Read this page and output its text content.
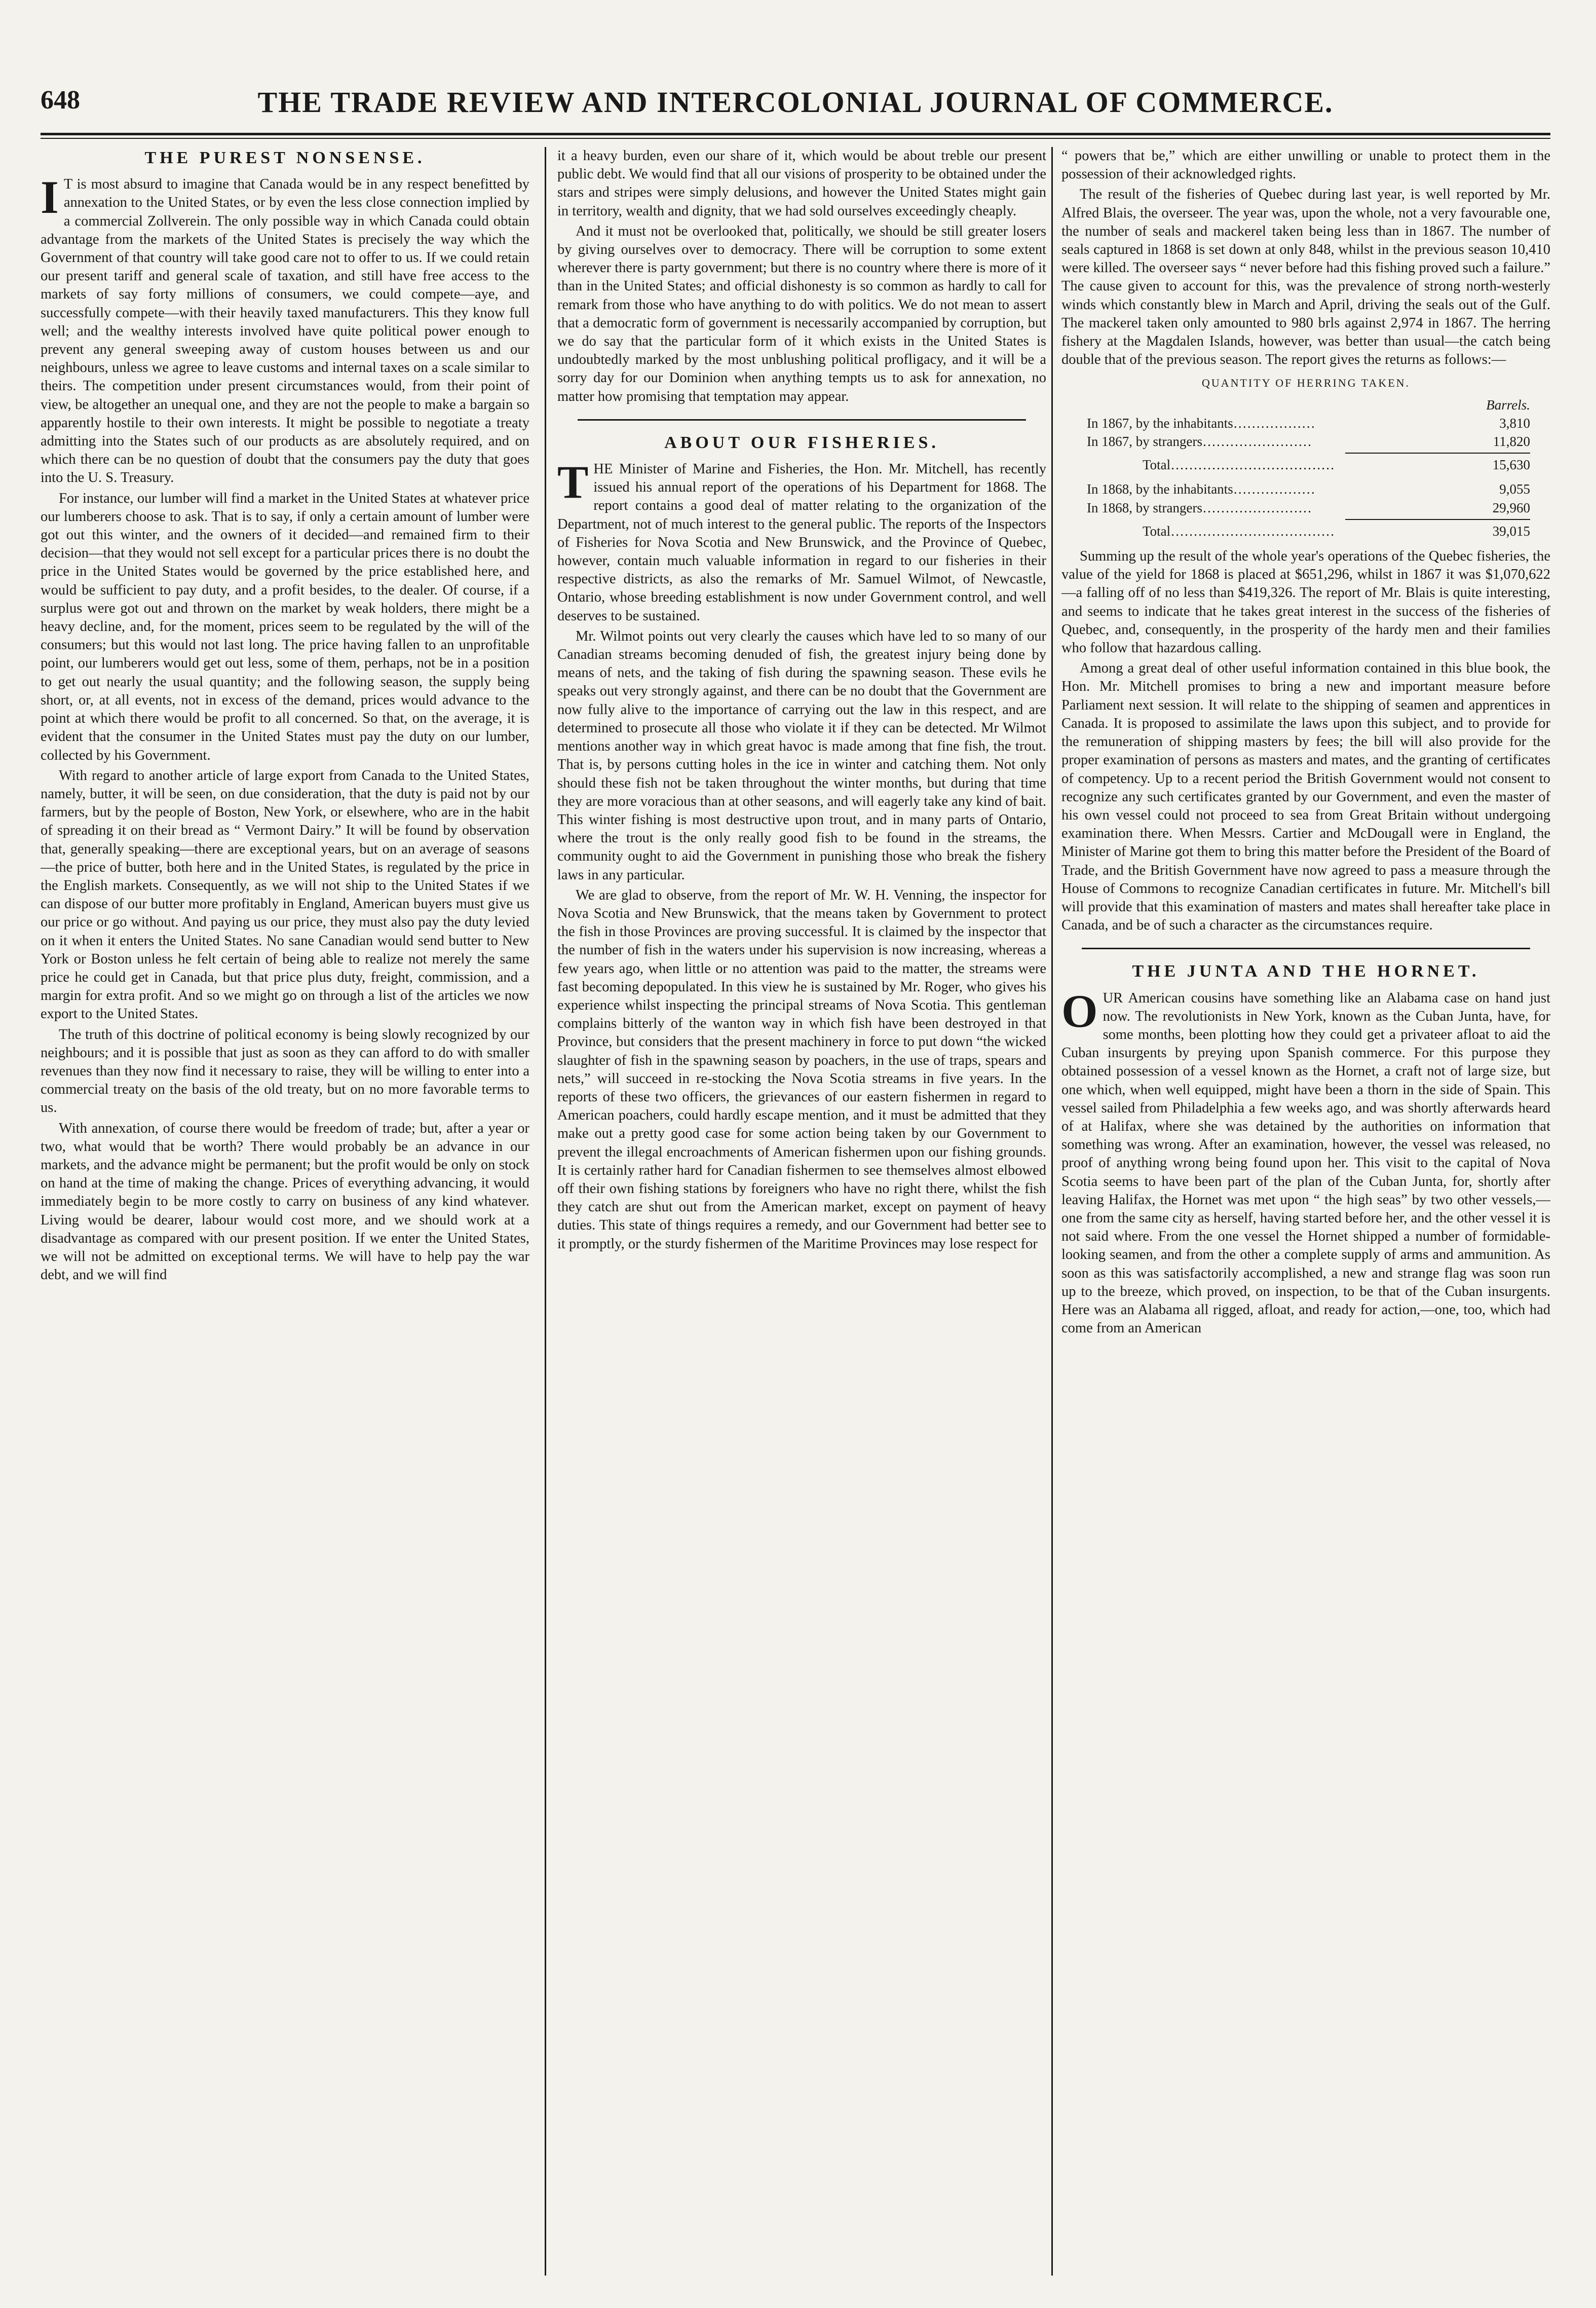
648	THE TRADE REVIEW AND INTERCOLONIAL JOURNAL OF COMMERCE.
THE PUREST NONSENSE.

I T is most absurd to imagine that Canada would be in any respect benefitted by annexation to the United States, or by even the less close connection implied by a commercial Zollverein. The only possible way in which Canada could obtain advantage from the markets of the United States is precisely the way which the Government of that country will take good care not to offer to us. If we could retain our present tariff and general scale of taxation, and still have free access to the markets of say forty millions of consumers, we could compete—aye, and successfully compete—with their heavily taxed manufacturers. This they know full well; and the wealthy interests involved have quite political power enough to prevent any general sweeping away of custom houses between us and our neighbours, unless we agree to leave customs and internal taxes on a scale similar to theirs. The competition under present circumstances would, from their point of view, be altogether an unequal one, and they are not the people to make a bargain so apparently hostile to their own interests. It might be possible to negotiate a treaty admitting into the States such of our products as are absolutely required, and on which there can be no question of doubt that the consumers pay the duty that goes into the U. S. Treasury.

For instance, our lumber will find a market in the United States at whatever price our lumberers choose to ask. That is to say, if only a certain amount of lumber were got out this winter, and the owners of it decided—and remained firm to their decision—that they would not sell except for a particular prices there is no doubt the price in the United States would be governed by the price established here, and would be sufficient to pay duty, and a profit besides, to the dealer. Of course, if a surplus were got out and thrown on the market by weak holders, there might be a heavy decline, and, for the moment, prices seem to be regulated by the will of the consumers; but this would not last long. The price having fallen to an unprofitable point, our lumberers would get out less, some of them, perhaps, not be in a position to get out nearly the usual quantity; and the following season, the supply being short, or, at all events, not in excess of the demand, prices would advance to the point at which there would be profit to all concerned. So that, on the average, it is evident that the consumer in the United States must pay the duty on our lumber, collected by his Government.

With regard to another article of large export from Canada to the United States, namely, butter, it will be seen, on due consideration, that the duty is paid not by our farmers, but by the people of Boston, New York, or elsewhere, who are in the habit of spreading it on their bread as “ Vermont Dairy.” It will be found by observation that, generally speaking—there are exceptional years, but on an average of seasons—the price of butter, both here and in the United States, is regulated by the price in the English markets. Consequently, as we will not ship to the United States if we can dispose of our butter more profitably in England, American buyers must give us our price or go without. And paying us our price, they must also pay the duty levied on it when it enters the United States. No sane Canadian would send butter to New York or Boston unless he felt certain of being able to realize not merely the same price he could get in Canada, but that price plus duty, freight, commission, and a margin for extra profit. And so we might go on through a list of the articles we now export to the United States.

The truth of this doctrine of political economy is being slowly recognized by our neighbours; and it is possible that just as soon as they can afford to do with smaller revenues than they now find it necessary to raise, they will be willing to enter into a commercial treaty on the basis of the old treaty, but on no more favorable terms to us.

With annexation, of course there would be freedom of trade; but, after a year or two, what would that be worth? There would probably be an advance in our markets, and the advance might be permanent; but the profit would be only on stock on hand at the time of making the change. Prices of everything advancing, it would immediately begin to be more costly to carry on business of any kind whatever. Living would be dearer, labour would cost more, and we should work at a disadvantage as compared with our present position. If we enter the United States, we will not be admitted on exceptional terms. We will have to help pay the war debt, and we will find

it a heavy burden, even our share of it, which would be about treble our present public debt. We would find that all our visions of prosperity to be obtained under the stars and stripes were simply delusions, and however the United States might gain in territory, wealth and dignity, that we had sold ourselves exceedingly cheaply.

And it must not be overlooked that, politically, we should be still greater losers by giving ourselves over to democracy. There will be corruption to some extent wherever there is party government; but there is no country where there is more of it than in the United States; and official dishonesty is so common as hardly to call for remark from those who have anything to do with politics. We do not mean to assert that a democratic form of government is necessarily accompanied by corruption, but we do say that the particular form of it which exists in the United States is undoubtedly marked by the most unblushing political profligacy, and it will be a sorry day for our Dominion when anything tempts us to ask for annexation, no matter how promising that temptation may appear.

ABOUT OUR FISHERIES.

THE Minister of Marine and Fisheries, the Hon. Mr. Mitchell, has recently issued his annual report of the operations of his Department for 1868. The report contains a good deal of matter relating to the organization of the Department, not of much interest to the general public. The reports of the Inspectors of Fisheries for Nova Scotia and New Brunswick, and the Province of Quebec, however, contain much valuable information in regard to our fisheries in their respective districts, as also the remarks of Mr. Samuel Wilmot, of Newcastle, Ontario, whose breeding establishment is now under Government control, and well deserves to be sustained.

Mr. Wilmot points out very clearly the causes which have led to so many of our Canadian streams becoming denuded of fish, the greatest injury being done by means of nets, and the taking of fish during the spawning season. These evils he speaks out very strongly against, and there can be no doubt that the Government are now fully alive to the importance of carrying out the law in this respect, and are determined to prosecute all those who violate it if they can be detected. Mr Wilmot mentions another way in which great havoc is made among that fine fish, the trout. That is, by persons cutting holes in the ice in winter and catching them. Not only should these fish not be taken throughout the winter months, but during that time they are more voracious than at other seasons, and will eagerly take any kind of bait. This winter fishing is most destructive upon trout, and in many parts of Ontario, where the trout is the only really good fish to be found in the streams, the community ought to aid the Government in punishing those who break the fishery laws in any particular.

We are glad to observe, from the report of Mr. W. H. Venning, the inspector for Nova Scotia and New Brunswick, that the means taken by Government to protect the fish in those Provinces are proving successful. It is claimed by the inspector that the number of fish in the waters under his supervision is now increasing, whereas a few years ago, when little or no attention was paid to the matter, the streams were fast becoming depopulated. In this view he is sustained by Mr. Roger, who gives his experience whilst inspecting the principal streams of Nova Scotia. This gentleman complains bitterly of the wanton way in which fish have been destroyed in that Province, but considers that the present machinery in force to put down “the wicked slaughter of fish in the spawning season by poachers, in the use of traps, spears and nets,” will succeed in re-stocking the Nova Scotia streams in five years. In the reports of these two officers, the grievances of our eastern fishermen in regard to American poachers, could hardly escape mention, and it must be admitted that they make out a pretty good case for some action being taken by our Government to prevent the illegal encroachments of American fishermen upon our fishing grounds. It is certainly rather hard for Canadian fishermen to see themselves almost elbowed off their own fishing stations by foreigners who have no right there, whilst the fish they catch are shut out from the American market, except on payment of heavy duties. This state of things requires a remedy, and our Government had better see to it promptly, or the sturdy fishermen of the Maritime Provinces may lose respect for

“ powers that be,” which are either unwilling or unable to protect them in the possession of their acknowledged rights.

The result of the fisheries of Quebec during last year, is well reported by Mr. Alfred Blais, the overseer. The year was, upon the whole, not a very favourable one, the number of seals and mackerel taken being less than in 1867. The number of seals captured in 1868 is set down at only 848, whilst in the previous season 10,410 were killed. The overseer says “ never before had this fishing proved such a failure.” The cause given to account for this, was the prevalence of strong north-westerly winds which constantly blew in March and April, driving the seals out of the Gulf. The mackerel taken only amounted to 980 brls against 2,974 in 1867. The herring fishery at the Magdalen Islands, however, was better than usual—the catch being double that of the previous season. The report gives the returns as follows:—

QUANTITY OF HERRING TAKEN.
Barrels.
In 1867, by the inhabitants………………	3,810
In 1867, by strangers……………………	11,820
Total………………………………	15,630
In 1868, by the inhabitants………………	9,055
In 1868, by strangers……………………	29,960
Total………………………………	39,015

Summing up the result of the whole year's operations of the Quebec fisheries, the value of the yield for 1868 is placed at $651,296, whilst in 1867 it was $1,070,622—a falling off of no less than $419,326. The report of Mr. Blais is quite interesting, and seems to indicate that he takes great interest in the success of the fisheries of Quebec, and, consequently, in the prosperity of the hardy men and their families who follow that hazardous calling.

Among a great deal of other useful information contained in this blue book, the Hon. Mr. Mitchell promises to bring a new and important measure before Parliament next session. It will relate to the shipping of seamen and apprentices in Canada. It is proposed to assimilate the laws upon this subject, and to provide for the remuneration of shipping masters by fees; the bill will also provide for the proper examination of persons as masters and mates, and the granting of certificates of competency. Up to a recent period the British Government would not consent to recognize any such certificates granted by our Government, and even the master of his own vessel could not proceed to sea from Great Britain without undergoing examination there. When Messrs. Cartier and McDougall were in England, the Minister of Marine got them to bring this matter before the President of the Board of Trade, and the British Government have now agreed to pass a measure through the House of Commons to recognize Canadian certificates in future. Mr. Mitchell's bill will provide that this examination of masters and mates shall hereafter take place in Canada, and be of such a character as the circumstances require.

THE JUNTA AND THE HORNET.

OUR American cousins have something like an Alabama case on hand just now. The revolutionists in New York, known as the Cuban Junta, have, for some months, been plotting how they could get a privateer afloat to aid the Cuban insurgents by preying upon Spanish commerce. For this purpose they obtained possession of a vessel known as the Hornet, a craft not of large size, but one which, when well equipped, might have been a thorn in the side of Spain. This vessel sailed from Philadelphia a few weeks ago, and was shortly afterwards heard of at Halifax, where she was detained by the authorities on information that something was wrong. After an examination, however, the vessel was released, no proof of anything wrong being found upon her. This visit to the capital of Nova Scotia seems to have been part of the plan of the Cuban Junta, for, shortly after leaving Halifax, the Hornet was met upon “ the high seas” by two other vessels,—one from the same city as herself, having started before her, and the other vessel it is not said where. From the one vessel the Hornet shipped a number of formidable-looking seamen, and from the other a complete supply of arms and ammunition. As soon as this was satisfactorily accomplished, a new and strange flag was soon run up to the breeze, which proved, on inspection, to be that of the Cuban insurgents. Here was an Alabama all rigged, afloat, and ready for action,—one, too, which had come from an American
